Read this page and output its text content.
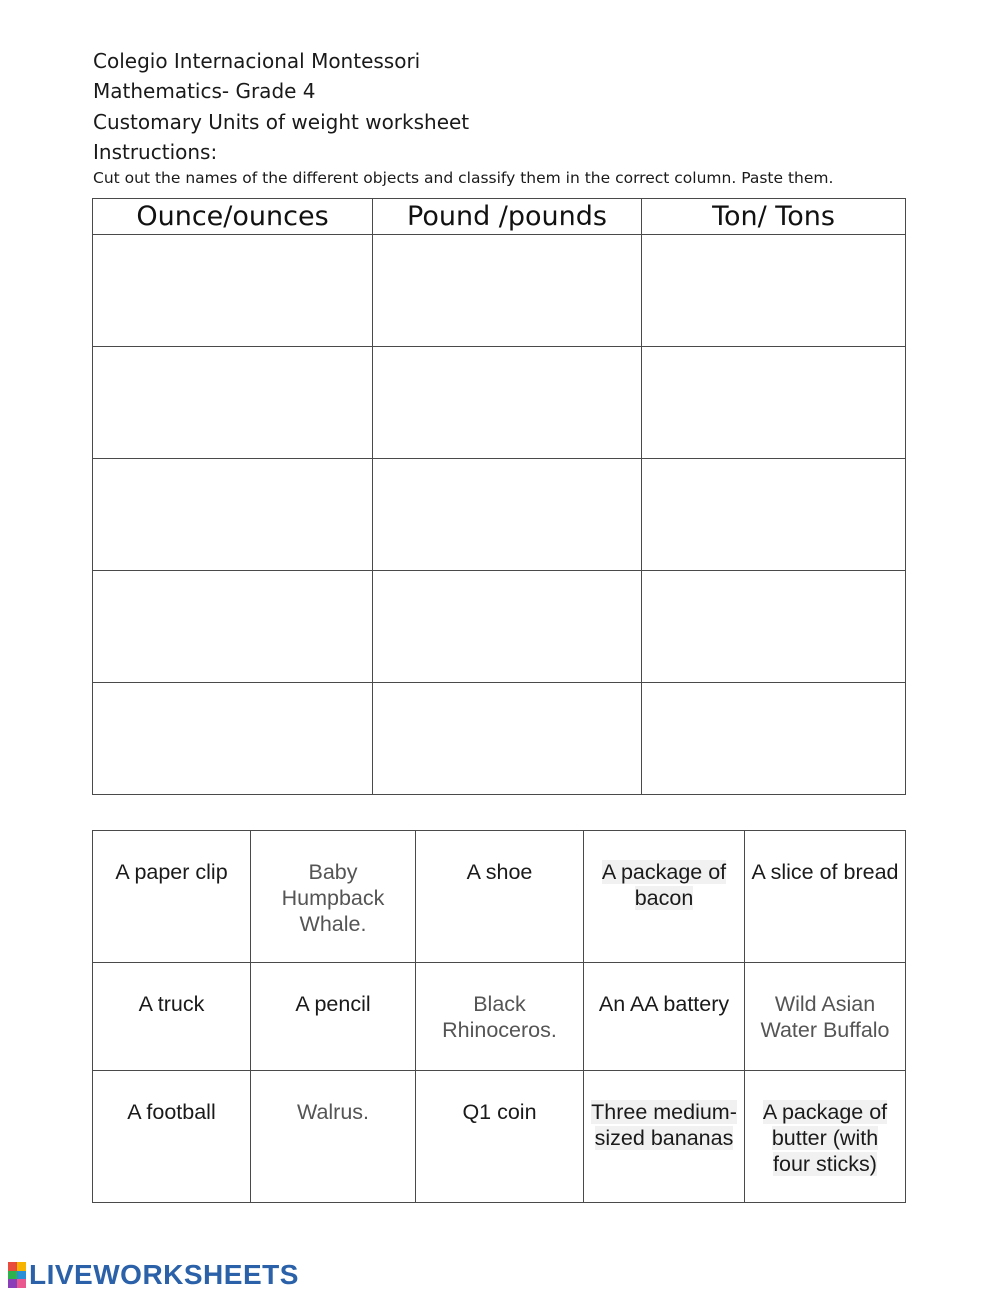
Colegio Internacional Montessori
Mathematics- Grade 4
Customary Units of weight worksheet
Instructions:
Cut out the names of the different objects and classify them in the correct column. Paste them.
Ounce/ounces	Pound /pounds	Ton/ Tons

A paper clip	Baby Humpback Whale.	A shoe	A package of bacon	A slice of bread
A truck	A pencil	Black Rhinoceros.	An AA battery	Wild Asian Water Buffalo
A football	Walrus.	Q1 coin	Three medium-sized bananas	A package of butter (with four sticks)
LIVEWORKSHEETS
